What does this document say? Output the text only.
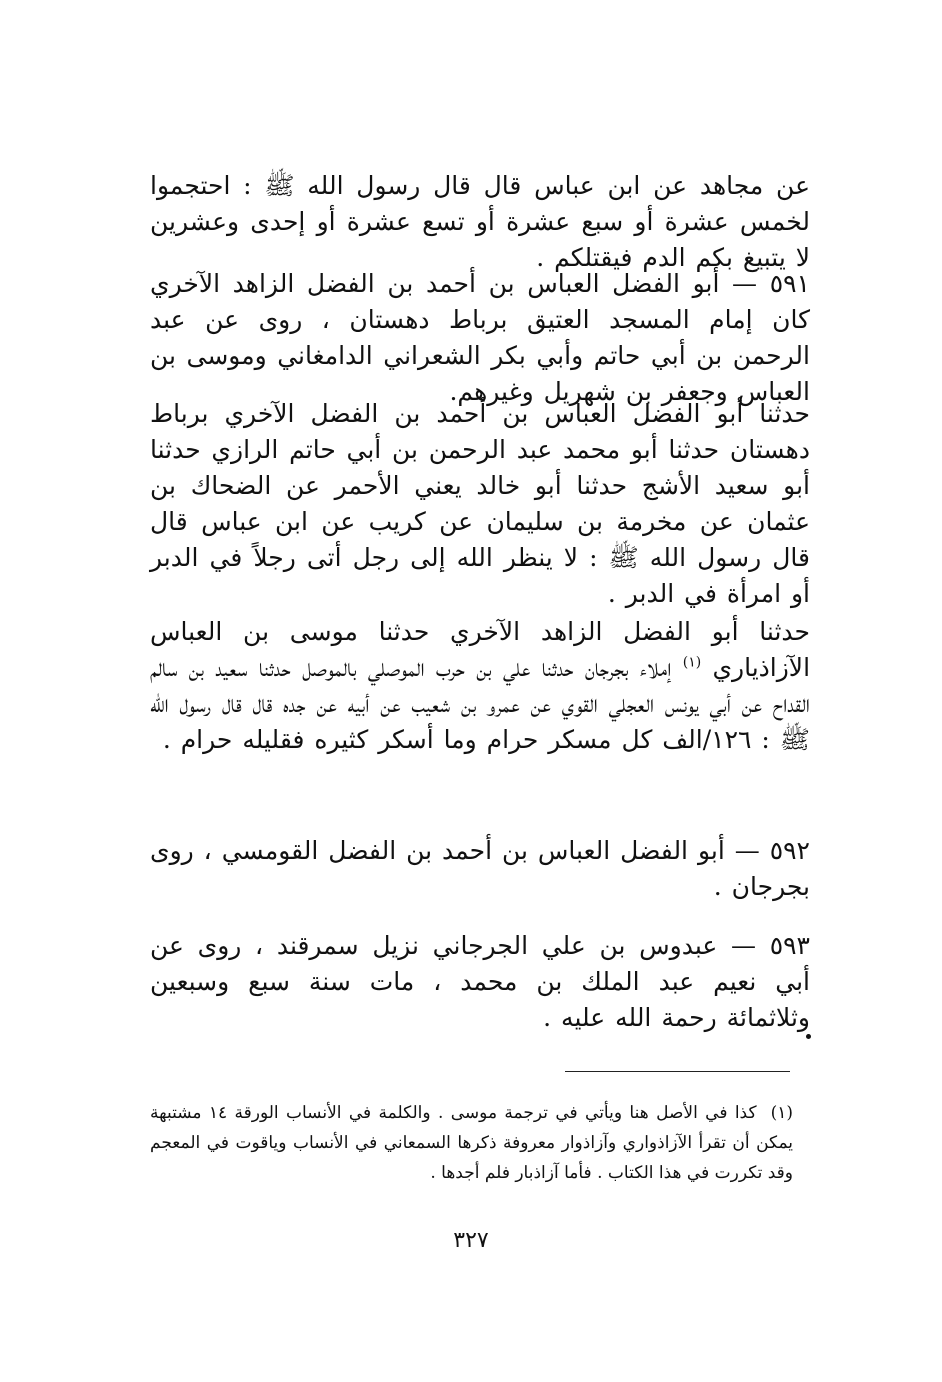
عن مجاهد عن ابن عباس قال قال رسول الله ﷺ : احتجموا لخمس عشرة أو سبع عشرة أو تسع عشرة أو إحدى وعشرين لا يتبيغ بكم الدم فيقتلكم .

٥٩١ — أبو الفضل العباس بن أحمد بن الفضل الزاهد الآخري كان إمام المسجد العتيق برباط دهستان ، روى عن عبد الرحمن بن أبي حاتم وأبي بكر الشعراني الدامغاني وموسى بن العباس وجعفر بن شهريل وغيرهم.

حدثنا أبو الفضل العباس بن أحمد بن الفضل الآخري برباط دهستان حدثنا أبو محمد عبد الرحمن بن أبي حاتم الرازي حدثنا أبو سعيد الأشج حدثنا أبو خالد يعني الأحمر عن الضحاك بن عثمان عن مخرمة بن سليمان عن كريب عن ابن عباس قال قال رسول الله ﷺ : لا ينظر الله إلى رجل أتى رجلاً في الدبر أو امرأة في الدبر .

حدثنا أبو الفضل الزاهد الآخري حدثنا موسى بن العباس الآزاذياري $^{(١)}$ إملاء بجرجان حدثنا علي بن حرب الموصلي بالموصل حدثنا سعيد بن سالم القداح عن أبي يونس العجلي القوي عن عمرو بن شعيب عن أبيه عن جده قال قال رسول الله ﷺ : ١٢٦/الف كل مسكر حرام وما أسكر كثيره فقليله حرام .

٥٩٢ — أبو الفضل العباس بن أحمد بن الفضل القومسي ، روى بجرجان .

٥٩٣ — عبدوس بن علي الجرجاني نزيل سمرقند ، روى عن أبي نعيم عبد الملك بن محمد ، مات سنة سبع وسبعين وثلاثمائة رحمة الله عليه .

(١)كذا في الأصل هنا ويأتي في ترجمة موسى . والكلمة في الأنساب الورقة ١٤ مشتبهة يمكن أن تقرأ الآزاذواري وآزاذوار معروفة ذكرها السمعاني في الأنساب وياقوت في المعجم وقد تكررت في هذا الكتاب . فأما آزاذبار فلم أجدها .

٣٢٧
